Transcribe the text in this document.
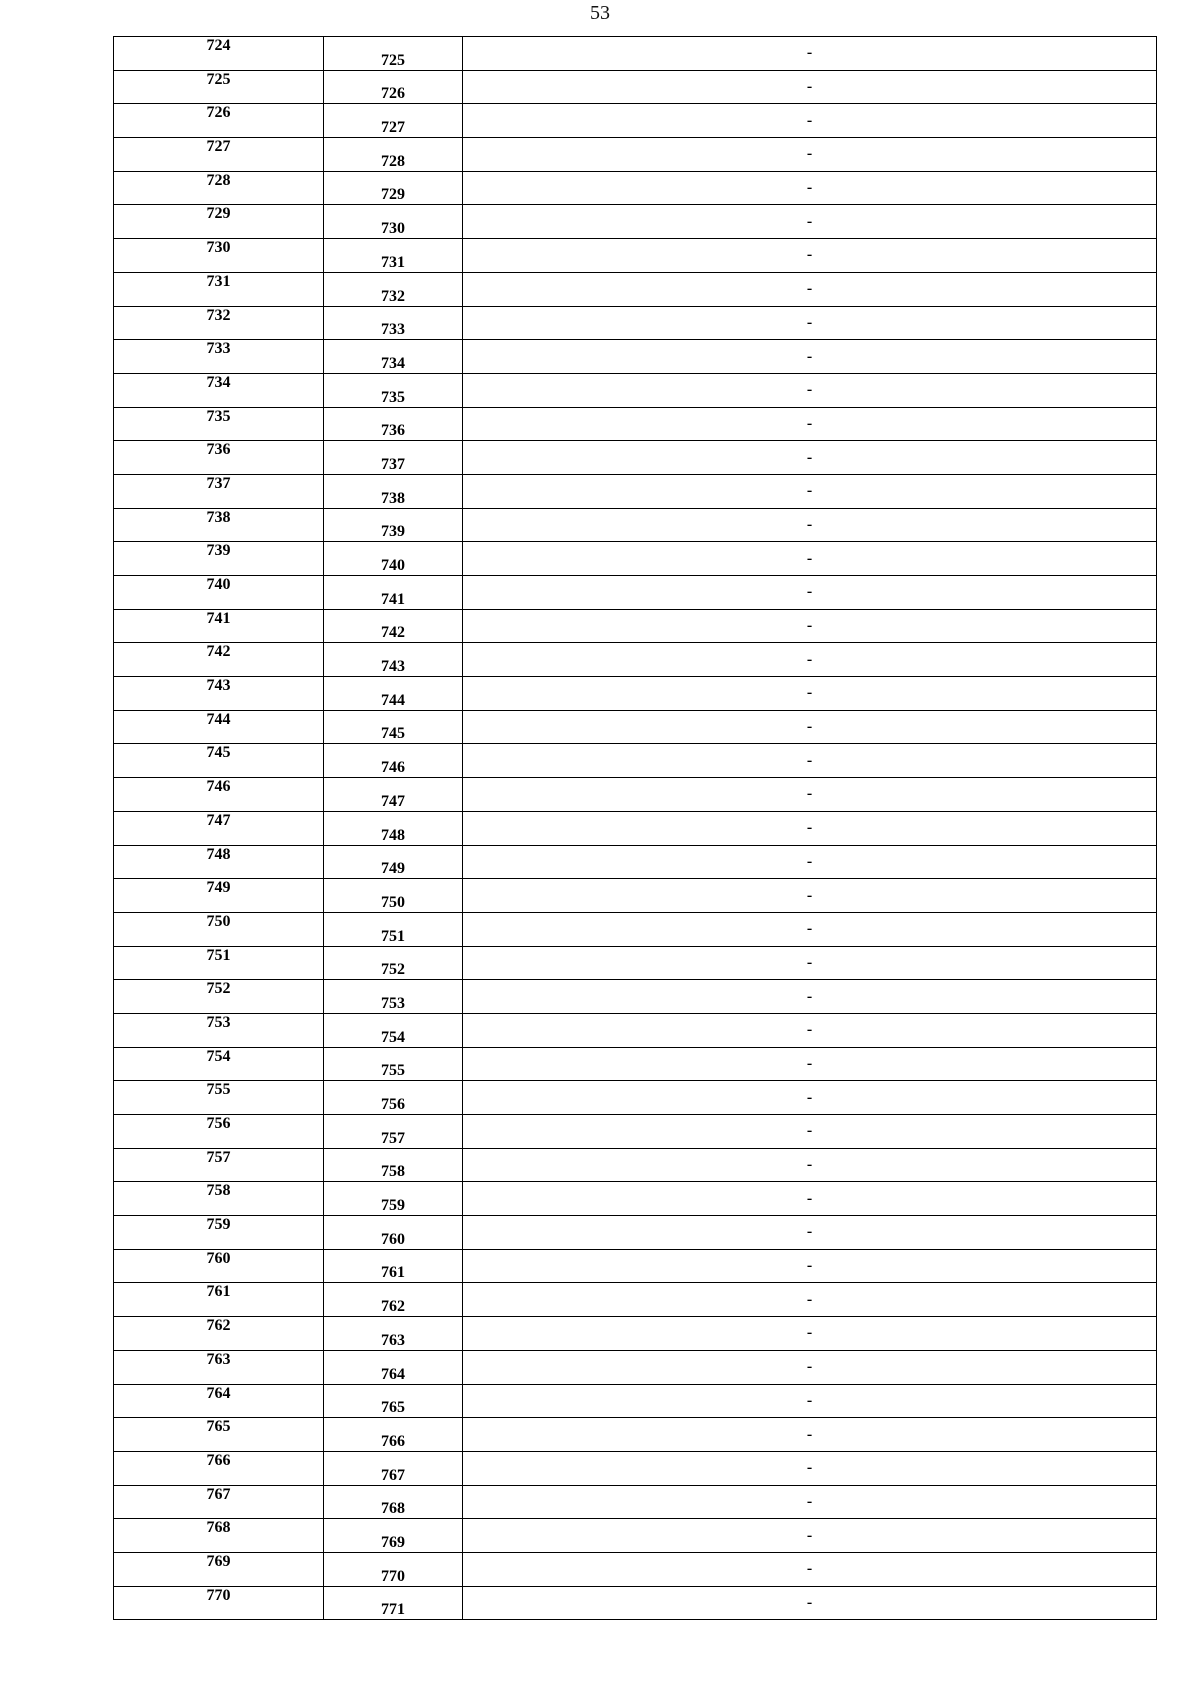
53
724	725	-
725	726	-
726	727	-
727	728	-
728	729	-
729	730	-
730	731	-
731	732	-
732	733	-
733	734	-
734	735	-
735	736	-
736	737	-
737	738	-
738	739	-
739	740	-
740	741	-
741	742	-
742	743	-
743	744	-
744	745	-
745	746	-
746	747	-
747	748	-
748	749	-
749	750	-
750	751	-
751	752	-
752	753	-
753	754	-
754	755	-
755	756	-
756	757	-
757	758	-
758	759	-
759	760	-
760	761	-
761	762	-
762	763	-
763	764	-
764	765	-
765	766	-
766	767	-
767	768	-
768	769	-
769	770	-
770	771	-
